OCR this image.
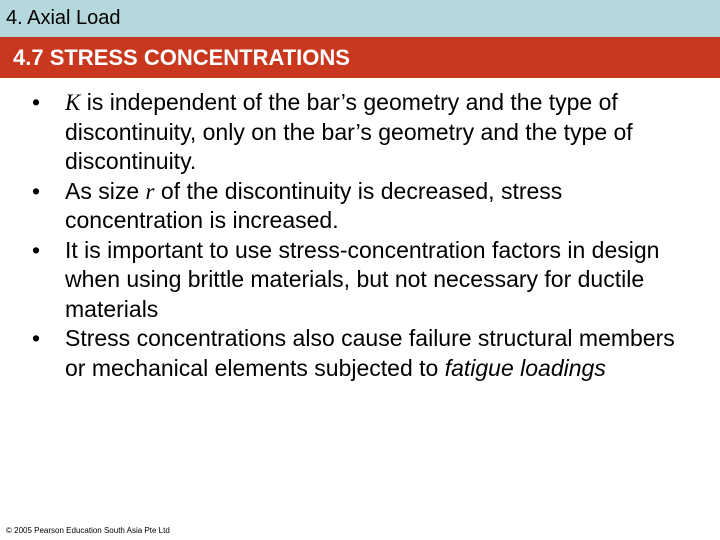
4. Axial Load
4.7 STRESS CONCENTRATIONS
• K is independent of the bar’s geometry and the type of discontinuity, only on the bar’s geometry and the type of discontinuity.
• As size r of the discontinuity is decreased, stress concentration is increased.
• It is important to use stress-concentration factors in design when using brittle materials, but not necessary for ductile materials
• Stress concentrations also cause failure structural members or mechanical elements subjected to fatigue loadings
© 2005 Pearson Education South Asia Pte Ltd
